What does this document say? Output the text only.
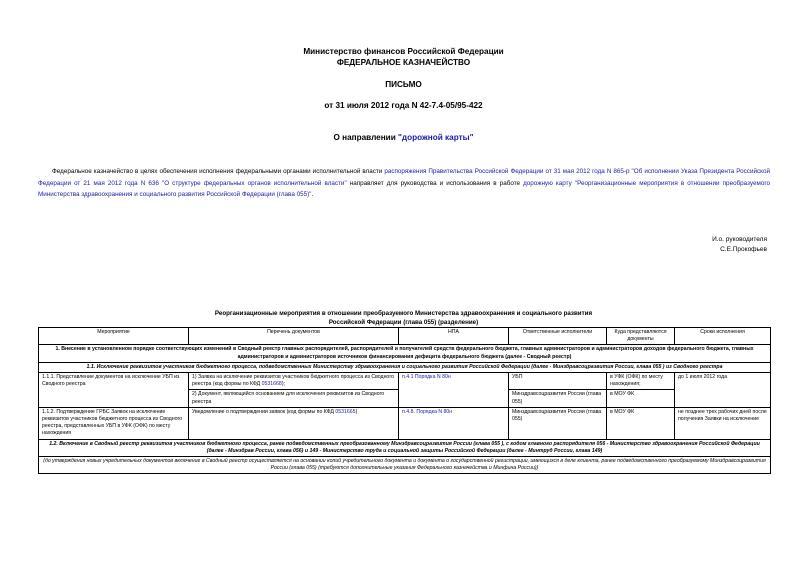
Министерство финансов Российской Федерации
ФЕДЕРАЛЬНОЕ КАЗНАЧЕЙСТВО
ПИСЬМО
от 31 июля 2012 года N 42-7.4-05/95-422
О направлении "дорожной карты"
Федеральное казначейство в целях обеспечения исполнения федеральными органами исполнительной власти распоряжения Правительства Российской Федерации от 31 мая 2012 года N 865-р "Об исполнении Указа Президента Российской Федерации от 21 мая 2012 года N 636 "О структуре федеральных органов исполнительной власти" направляет для руководства и использования в работе дорожную карту "Реорганизационные мероприятия в отношении преобразуемого Министерства здравоохранения и социального развития Российской Федерации (глава 055)".
И.о. руководителя
С.Е.Прокофьев
Реорганизационные мероприятия в отношении преобразуемого Министерства здравоохранения и социального развития
Российской Федерации (глава 055) (разделение)
Мероприятие	Перечень документов	НПА	Ответственные исполнители	Куда представляются документы	Сроки исполнения
1. Внесение в установленном порядке соответствующих изменений в Сводный реестр главных распорядителей, распорядителей и получателей средств федерального бюджета, главных администраторов и администраторов доходов федерального бюджета, главных администраторов и администраторов источников финансирования дефицита федерального бюджета (далее - Сводный реестр)					
1.1. Исключение реквизитов участников бюджетного процесса, подведомственных Министерству здравоохранения и социального развития Российской Федерации (далее - Минздравсоцразвития России, глава 055 ) из Сводного реестра					
1.1.1. Представление документов на исключение УБП из Сводного реестра	1) Заявка на исключение реквизитов участников бюджетного процесса из Сводного реестра (код формы по КФД 0531668);	п.4.1 Порядка N 80н	УБП	в УФК (ОФК) по месту нахождения;	до 1 июля 2012 года
	2) Документ, являющийся основанием для исключения реквизитов из Сводного реестра		Минздравсоцразвития России (глава 055)	в МОУ ФК	
1.1.2. Подтверждение ГРБС Заявок на исключение реквизитов участников бюджетного процесса из Сводного реестра, представленных УБП в УФК (ОФК) по месту нахождения	Уведомление о подтверждении заявок (код формы по КФД 0531665)	п.4.8. Порядка N 80н	Минздравсоцразвития России (глава 055)	в МОУ ФК	не позднее трех рабочих дней после получения Заявки на исключение
1.2. Включение в Сводный реестр реквизитов участников бюджетного процесса, ранее подведомственных преобразованному Минздравсоцразвития России (глава 055 ), с кодом главного распорядителя 056 - Министерство здравоохранения Российской Федерации (далее - Минздрав России, глава 056) и 149 - Министерство труда и социальной защиты Российской Федерации (далее - Минтруд России, глава 149)					
(до утверждения новых учредительных документов включение в Сводный реестр осуществляется на основании копий учредительного документа и документа о государственной регистрации, имеющихся в деле клиента, ранее подведомственного преобразуемому Минздравсоцразвития России (глава 055) (требуются дополнительные указания Федерального казначейства и Минфина России))					
